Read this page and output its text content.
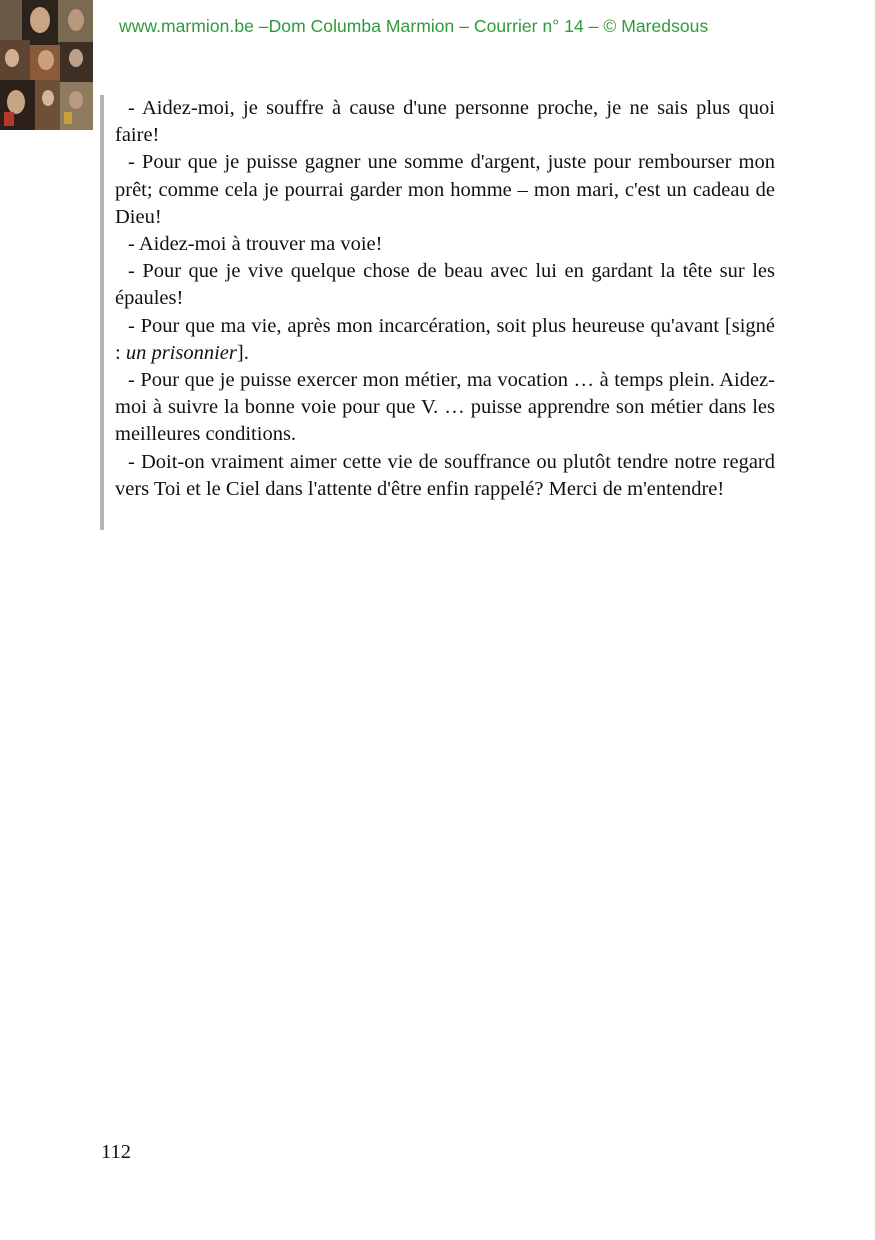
www.marmion.be –Dom Columba Marmion – Courrier n° 14 – © Maredsous

- Aidez-moi, je souffre à cause d'une personne proche, je ne sais plus quoi faire!

- Pour que je puisse gagner une somme d'argent, juste pour rembourser mon prêt; comme cela je pourrai garder mon homme – mon mari, c'est un cadeau de Dieu!

- Aidez-moi à trouver ma voie!

- Pour que je vive quelque chose de beau avec lui en gardant la tête sur les épaules!

- Pour que ma vie, après mon incarcération, soit plus heureuse qu'avant [signé : un prisonnier].

- Pour que je puisse exercer mon métier, ma vocation … à temps plein. Aidez-moi à suivre la bonne voie pour que V. … puisse apprendre son métier dans les meilleures conditions.

- Doit-on vraiment aimer cette vie de souffrance ou plutôt tendre notre regard vers Toi et le Ciel dans l'attente d'être enfin rappelé? Merci de m'entendre!

112
